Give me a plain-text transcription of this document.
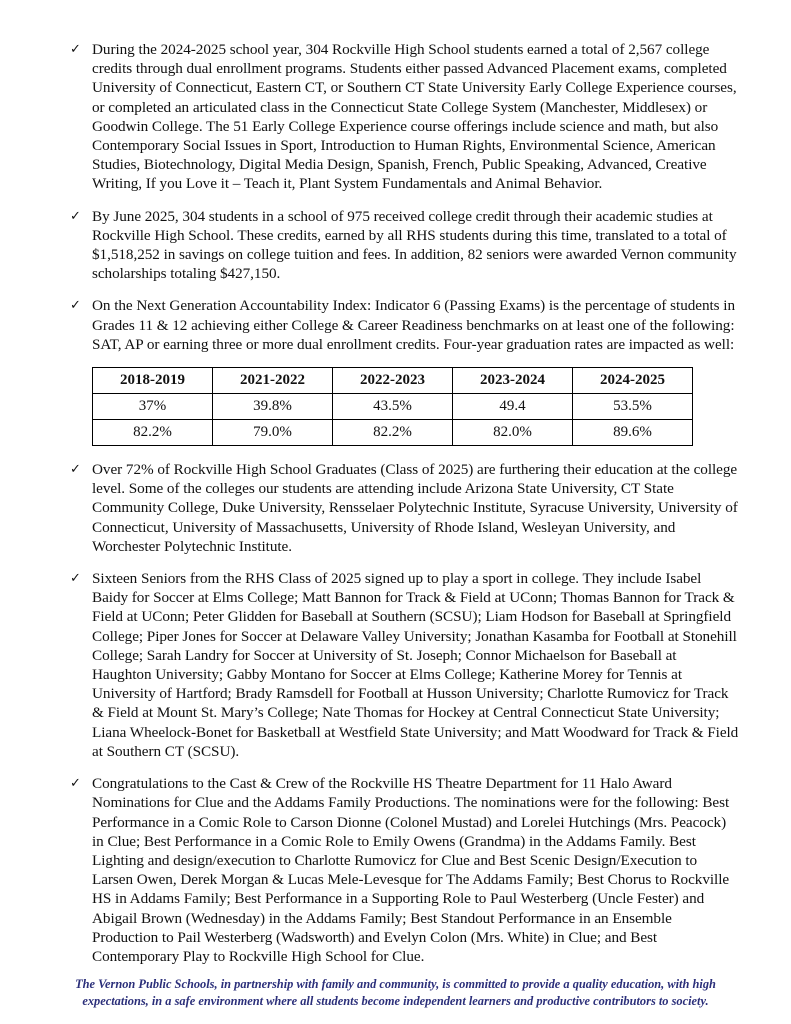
✓ During the 2024-2025 school year, 304 Rockville High School students earned a total of 2,567 college credits through dual enrollment programs. Students either passed Advanced Placement exams, completed University of Connecticut, Eastern CT, or Southern CT State University Early College Experience courses, or completed an articulated class in the Connecticut State College System (Manchester, Middlesex) or Goodwin College. The 51 Early College Experience course offerings include science and math, but also Contemporary Social Issues in Sport, Introduction to Human Rights, Environmental Science, American Studies, Biotechnology, Digital Media Design, Spanish, French, Public Speaking, Advanced, Creative Writing, If you Love it – Teach it, Plant System Fundamentals and Animal Behavior.
✓ By June 2025, 304 students in a school of 975 received college credit through their academic studies at Rockville High School. These credits, earned by all RHS students during this time, translated to a total of $1,518,252 in savings on college tuition and fees. In addition, 82 seniors were awarded Vernon community scholarships totaling $427,150.
✓ On the Next Generation Accountability Index: Indicator 6 (Passing Exams) is the percentage of students in Grades 11 & 12 achieving either College & Career Readiness benchmarks on at least one of the following: SAT, AP or earning three or more dual enrollment credits. Four-year graduation rates are impacted as well:
2018-2019	2021-2022	2022-2023	2023-2024	2024-2025
37%	39.8%	43.5%	49.4	53.5%
82.2%	79.0%	82.2%	82.0%	89.6%
✓ Over 72% of Rockville High School Graduates (Class of 2025) are furthering their education at the college level. Some of the colleges our students are attending include Arizona State University, CT State Community College, Duke University, Rensselaer Polytechnic Institute, Syracuse University, University of Connecticut, University of Massachusetts, University of Rhode Island, Wesleyan University, and Worchester Polytechnic Institute.
✓ Sixteen Seniors from the RHS Class of 2025 signed up to play a sport in college. They include Isabel Baidy for Soccer at Elms College; Matt Bannon for Track & Field at UConn; Thomas Bannon for Track & Field at UConn; Peter Glidden for Baseball at Southern (SCSU); Liam Hodson for Baseball at Springfield College; Piper Jones for Soccer at Delaware Valley University; Jonathan Kasamba for Football at Stonehill College; Sarah Landry for Soccer at University of St. Joseph; Connor Michaelson for Baseball at Haughton University; Gabby Montano for Soccer at Elms College; Katherine Morey for Tennis at University of Hartford; Brady Ramsdell for Football at Husson University; Charlotte Rumovicz for Track & Field at Mount St. Mary’s College; Nate Thomas for Hockey at Central Connecticut State University; Liana Wheelock-Bonet for Basketball at Westfield State University; and Matt Woodward for Track & Field at Southern CT (SCSU).
✓ Congratulations to the Cast & Crew of the Rockville HS Theatre Department for 11 Halo Award Nominations for Clue and the Addams Family Productions. The nominations were for the following: Best Performance in a Comic Role to Carson Dionne (Colonel Mustad) and Lorelei Hutchings (Mrs. Peacock) in Clue; Best Performance in a Comic Role to Emily Owens (Grandma) in the Addams Family. Best Lighting and design/execution to Charlotte Rumovicz for Clue and Best Scenic Design/Execution to Larsen Owen, Derek Morgan & Lucas Mele-Levesque for The Addams Family; Best Chorus to Rockville HS in Addams Family; Best Performance in a Supporting Role to Paul Westerberg (Uncle Fester) and Abigail Brown (Wednesday) in the Addams Family; Best Standout Performance in an Ensemble Production to Pail Westerberg (Wadsworth) and Evelyn Colon (Mrs. White) in Clue; and Best Contemporary Play to Rockville High School for Clue.
The Vernon Public Schools, in partnership with family and community, is committed to provide a quality education, with high
expectations, in a safe environment where all students become independent learners and productive contributors to society.
